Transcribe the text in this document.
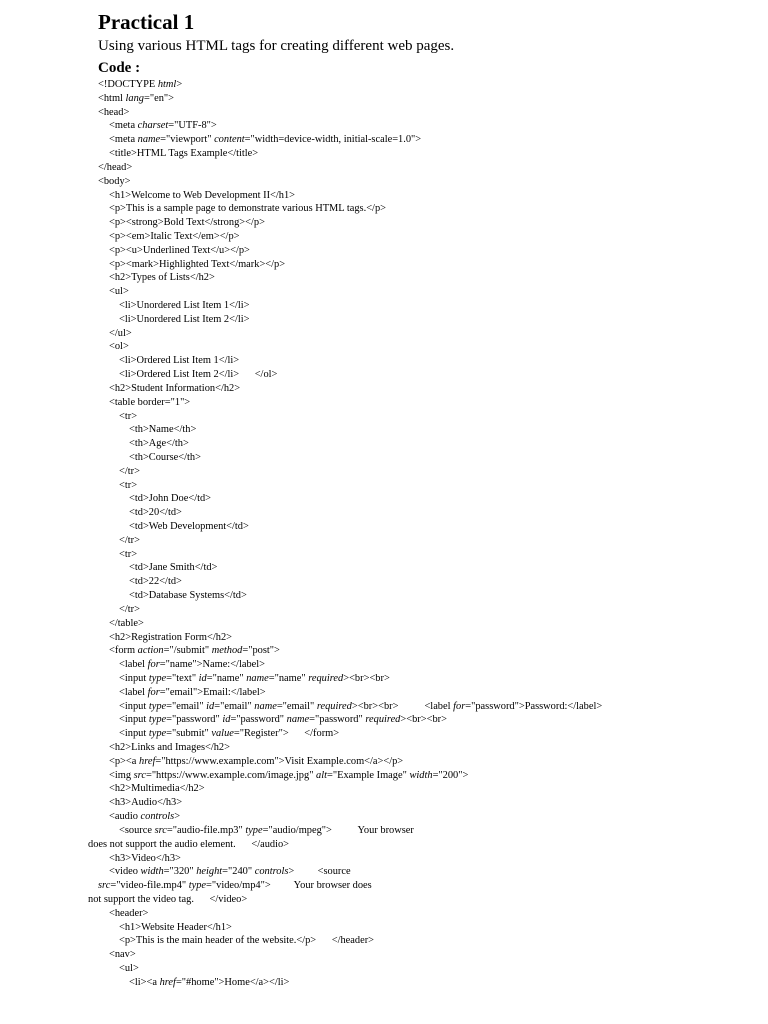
Practical 1

Using various HTML tags for creating different web pages.

Code :

<!DOCTYPE html>
<html lang="en">
<head>
<meta charset="UTF-8">
<meta name="viewport" content="width=device-width, initial-scale=1.0">
<title>HTML Tags Example</title>
</head>
<body>
<h1>Welcome to Web Development II</h1>
<p>This is a sample page to demonstrate various HTML tags.</p>
<p><strong>Bold Text</strong></p>
<p><em>Italic Text</em></p>
<p><u>Underlined Text</u></p>
<p><mark>Highlighted Text</mark></p>
<h2>Types of Lists</h2>
<ul>
<li>Unordered List Item 1</li>
<li>Unordered List Item 2</li>
</ul>
<ol>
<li>Ordered List Item 1</li>
<li>Ordered List Item 2</li>      </ol>
<h2>Student Information</h2>
<table border="1">
<tr>
<th>Name</th>
<th>Age</th>
<th>Course</th>
</tr>
<tr>
<td>John Doe</td>
<td>20</td>
<td>Web Development</td>
</tr>
<tr>
<td>Jane Smith</td>
<td>22</td>
<td>Database Systems</td>
</tr>
</table>
<h2>Registration Form</h2>
<form action="/submit" method="post">
<label for="name">Name:</label>
<input type="text" id="name" name="name" required><br><br>
<label for="email">Email:</label>
<input type="email" id="email" name="email" required><br><br>          <label for="password">Password:</label>
<input type="password" id="password" name="password" required><br><br>
<input type="submit" value="Register">      </form>
<h2>Links and Images</h2>
<p><a href="https://www.example.com">Visit Example.com</a></p>
<img src="https://www.example.com/image.jpg" alt="Example Image" width="200">
<h2>Multimedia</h2>
<h3>Audio</h3>
<audio controls>
<source src="audio-file.mp3" type="audio/mpeg">          Your browser
does not support the audio element.      </audio>
<h3>Video</h3>
<video width="320" height="240" controls>         <source
src="video-file.mp4" type="video/mp4">         Your browser does
not support the video tag.      </video>
<header>
<h1>Website Header</h1>
<p>This is the main header of the website.</p>      </header>
<nav>
<ul>
<li><a href="#home">Home</a></li>
